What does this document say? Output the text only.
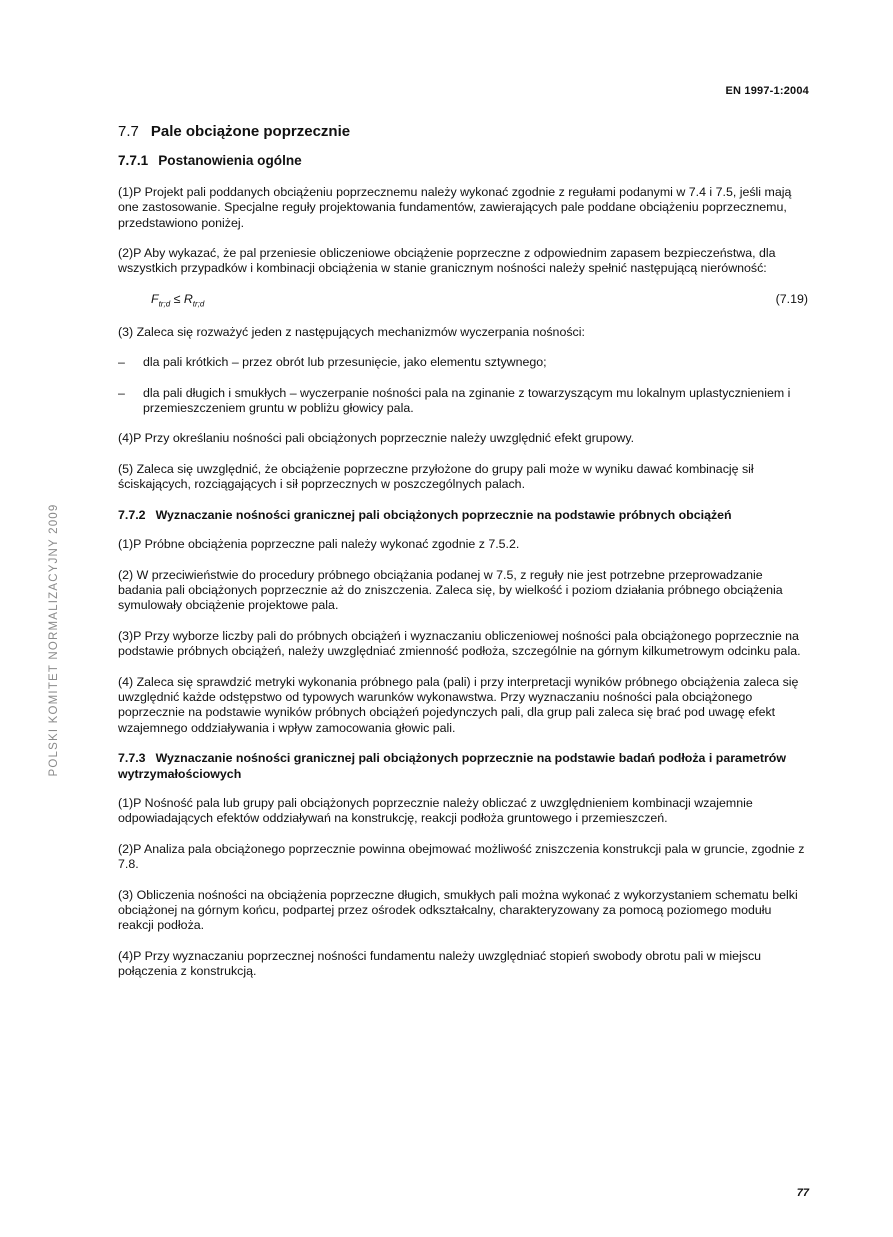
EN 1997-1:2004
POLSKI KOMITET NORMALIZACYJNY 2009
7.7 Pale obciążone poprzecznie
7.7.1 Postanowienia ogólne

(1)P Projekt pali poddanych obciążeniu poprzecznemu należy wykonać zgodnie z regułami podanymi w 7.4 i 7.5, jeśli mają one zastosowanie. Specjalne reguły projektowania fundamentów, zawierających pale poddane obciążeniu poprzecznemu, przedstawiono poniżej.

(2)P Aby wykazać, że pal przeniesie obliczeniowe obciążenie poprzeczne z odpowiednim zapasem bezpieczeństwa, dla wszystkich przypadków i kombinacji obciążenia w stanie granicznym nośności należy spełnić następującą nierówność:

$F_{tr;d} \le R_{tr;d}$	(7.19)

(3) Zaleca się rozważyć jeden z następujących mechanizmów wyczerpania nośności:

– dla pali krótkich – przez obrót lub przesunięcie, jako elementu sztywnego;
– dla pali długich i smukłych – wyczerpanie nośności pala na zginanie z towarzyszącym mu lokalnym uplastycznieniem i przemieszczeniem gruntu w pobliżu głowicy pala.

(4)P Przy określaniu nośności pali obciążonych poprzecznie należy uwzględnić efekt grupowy.

(5) Zaleca się uwzględnić, że obciążenie poprzeczne przyłożone do grupy pali może w wyniku dawać kombinację sił ściskających, rozciągających i sił poprzecznych w poszczególnych palach.

7.7.2 Wyznaczanie nośności granicznej pali obciążonych poprzecznie na podstawie próbnych obciążeń

(1)P Próbne obciążenia poprzeczne pali należy wykonać zgodnie z 7.5.2.

(2) W przeciwieństwie do procedury próbnego obciążania podanej w 7.5, z reguły nie jest potrzebne przeprowadzanie badania pali obciążonych poprzecznie aż do zniszczenia. Zaleca się, by wielkość i poziom działania próbnego obciążenia symulowały obciążenie projektowe pala.

(3)P Przy wyborze liczby pali do próbnych obciążeń i wyznaczaniu obliczeniowej nośności pala obciążonego poprzecznie na podstawie próbnych obciążeń, należy uwzględniać zmienność podłoża, szczególnie na górnym kilkumetrowym odcinku pala.

(4) Zaleca się sprawdzić metryki wykonania próbnego pala (pali) i przy interpretacji wyników próbnego obciążenia zaleca się uwzględnić każde odstępstwo od typowych warunków wykonawstwa. Przy wyznaczaniu nośności pala obciążonego poprzecznie na podstawie wyników próbnych obciążeń pojedynczych pali, dla grup pali zaleca się brać pod uwagę efekt wzajemnego oddziaływania i wpływ zamocowania głowic pali.

7.7.3 Wyznaczanie nośności granicznej pali obciążonych poprzecznie na podstawie badań podłoża i parametrów wytrzymałościowych

(1)P Nośność pala lub grupy pali obciążonych poprzecznie należy obliczać z uwzględnieniem kombinacji wzajemnie odpowiadających efektów oddziaływań na konstrukcję, reakcji podłoża gruntowego i przemieszczeń.

(2)P Analiza pala obciążonego poprzecznie powinna obejmować możliwość zniszczenia konstrukcji pala w gruncie, zgodnie z 7.8.

(3) Obliczenia nośności na obciążenia poprzeczne długich, smukłych pali można wykonać z wykorzystaniem schematu belki obciążonej na górnym końcu, podpartej przez ośrodek odkształcalny, charakteryzowany za pomocą poziomego modułu reakcji podłoża.

(4)P Przy wyznaczaniu poprzecznej nośności fundamentu należy uwzględniać stopień swobody obrotu pali w miejscu połączenia z konstrukcją.

77
